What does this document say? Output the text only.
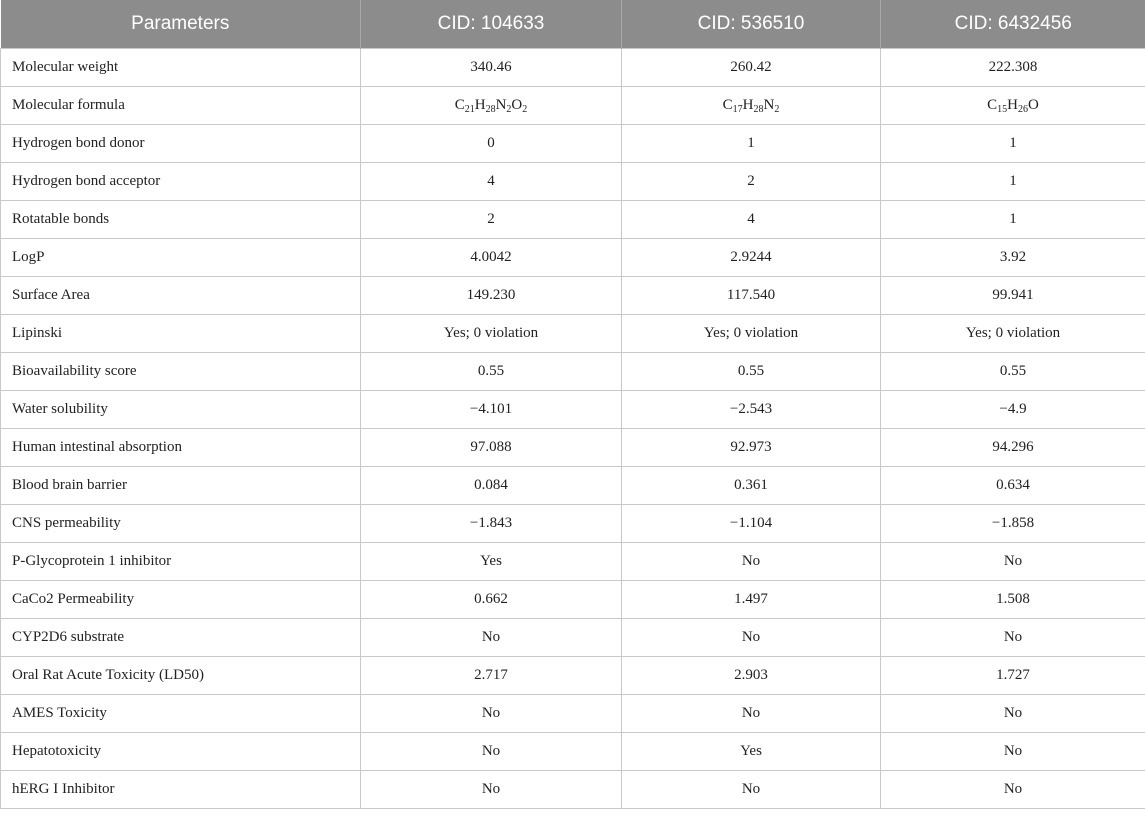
Parameters	CID: 104633	CID: 536510	CID: 6432456
Molecular weight	340.46	260.42	222.308
Molecular formula	$C_{21}H_{28}N_2O_2$	$C_{17}H_{28}N_2$	$C_{15}H_{26}O$
Hydrogen bond donor	0	1	1
Hydrogen bond acceptor	4	2	1
Rotatable bonds	2	4	1
LogP	4.0042	2.9244	3.92
Surface Area	149.230	117.540	99.941
Lipinski	Yes; 0 violation	Yes; 0 violation	Yes; 0 violation
Bioavailability score	0.55	0.55	0.55
Water solubility	−4.101	−2.543	−4.9
Human intestinal absorption	97.088	92.973	94.296
Blood brain barrier	0.084	0.361	0.634
CNS permeability	−1.843	−1.104	−1.858
P-Glycoprotein 1 inhibitor	Yes	No	No
CaCo2 Permeability	0.662	1.497	1.508
CYP2D6 substrate	No	No	No
Oral Rat Acute Toxicity (LD50)	2.717	2.903	1.727
AMES Toxicity	No	No	No
Hepatotoxicity	No	Yes	No
hERG I Inhibitor	No	No	No
